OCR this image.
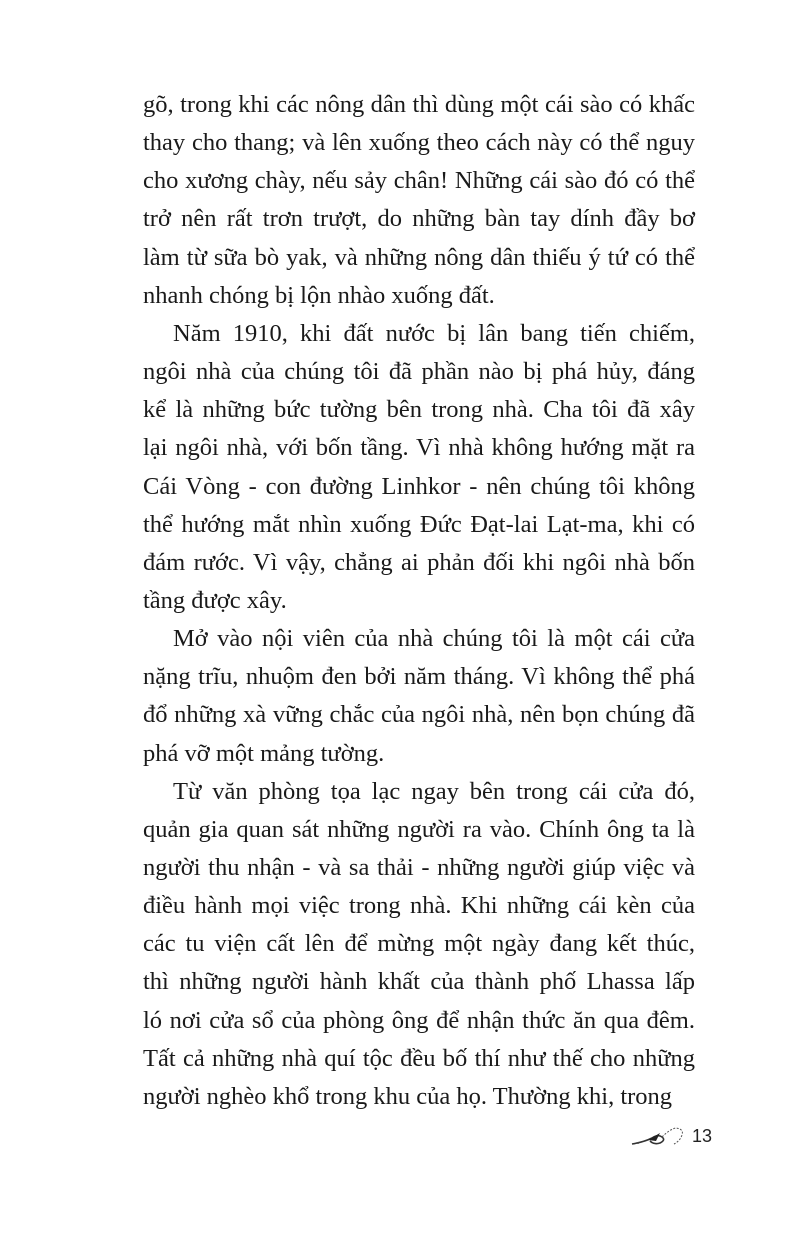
gõ, trong khi các nông dân thì dùng một cái sào có khấc
thay cho thang; và lên xuống theo cách này có thể nguy
cho xương chày, nếu sảy chân! Những cái sào đó có thể
trở nên rất trơn trượt, do những bàn tay dính đầy bơ
làm từ sữa bò yak, và những nông dân thiếu ý tứ có thể
nhanh chóng bị lộn nhào xuống đất.
Năm 1910, khi đất nước bị lân bang tiến chiếm,
ngôi nhà của chúng tôi đã phần nào bị phá hủy, đáng
kể là những bức tường bên trong nhà. Cha tôi đã xây
lại ngôi nhà, với bốn tầng. Vì nhà không hướng mặt ra
Cái Vòng - con đường Linhkor - nên chúng tôi không
thể hướng mắt nhìn xuống Đức Đạt-lai Lạt-ma, khi có
đám rước. Vì vậy, chẳng ai phản đối khi ngôi nhà bốn
tầng được xây.
Mở vào nội viên của nhà chúng tôi là một cái cửa
nặng trĩu, nhuộm đen bởi năm tháng. Vì không thể phá
đổ những xà vững chắc của ngôi nhà, nên bọn chúng đã
phá vỡ một mảng tường.
Từ văn phòng tọa lạc ngay bên trong cái cửa đó,
quản gia quan sát những người ra vào. Chính ông ta là
người thu nhận - và sa thải - những người giúp việc và
điều hành mọi việc trong nhà. Khi những cái kèn của
các tu viện cất lên để mừng một ngày đang kết thúc,
thì những người hành khất của thành phố Lhassa lấp
ló nơi cửa sổ của phòng ông để nhận thức ăn qua đêm.
Tất cả những nhà quí tộc đều bố thí như thế cho những
người nghèo khổ trong khu của họ. Thường khi, trong
13
